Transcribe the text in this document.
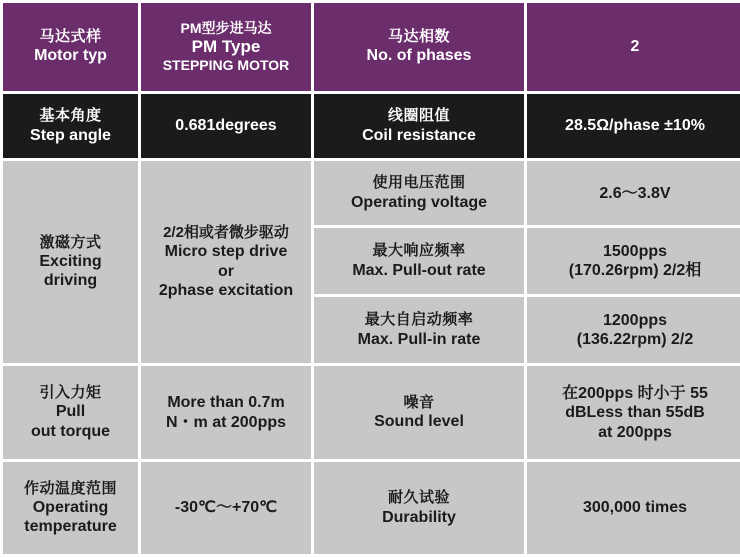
马达式样
Motor typ	PM型步进马达
PM Type
STEPPING MOTOR	马达相数
No. of phases	2

基本角度
Step angle	0.681degrees	线圈阻值
Coil resistance	28.5Ω/phase ±10%

激磁方式
Exciting
driving	2/2相或者微步驱动
Micro step drive
or
2phase excitation	使用电压范围
Operating voltage	2.6～3.8V

		最大响应频率
Max. Pull-out rate	1500pps
(170.26rpm) 2/2相

		最大自启动频率
Max. Pull-in rate	1200pps
(136.22rpm) 2/2

引入力矩
Pull
out torque	More than 0.7m
N・m at 200pps	噪音
Sound level	在200pps 时小于 55
dBLess than 55dB
at 200pps

作动温度范围
Operating
temperature	-30℃～+70℃	耐久试验
Durability	300,000 times
